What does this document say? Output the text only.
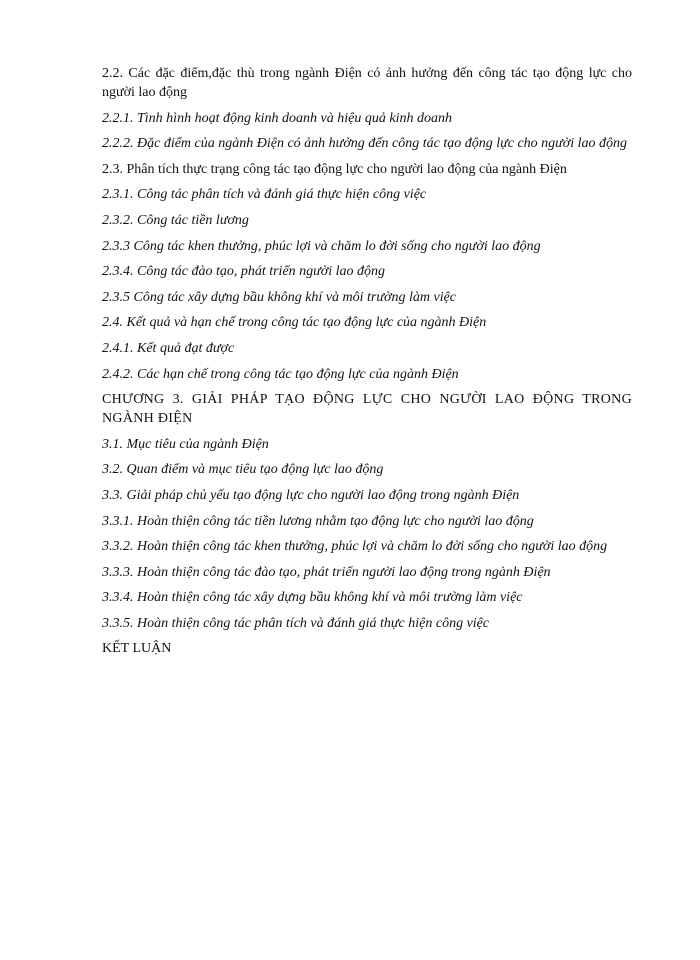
2.2. Các đặc điểm,đặc thù trong ngành Điện có ảnh hưởng đến công tác tạo động lực cho người lao động

2.2.1. Tình hình hoạt động kinh doanh và hiệu quả kinh doanh

2.2.2. Đặc điểm của ngành Điện có ảnh hưởng đến công tác tạo động lực cho người lao động

2.3. Phân tích thực trạng công tác tạo động lực cho người lao động của ngành Điện

2.3.1. Công tác phân tích và đánh giá thực hiện công việc

2.3.2. Công tác tiền lương

2.3.3 Công tác khen thưởng, phúc lợi và chăm lo đời sống cho người lao động

2.3.4. Công tác đào tạo, phát triển người lao động

2.3.5 Công tác xây dựng bầu không khí và môi trường làm việc

2.4. Kết quả và hạn chế trong công tác tạo động lực của ngành Điện

2.4.1. Kết quả đạt được

2.4.2. Các hạn chế trong công tác tạo động lực của ngành Điện

CHƯƠNG 3. GIẢI PHÁP TẠO ĐỘNG LỰC CHO NGƯỜI LAO ĐỘNG TRONG NGÀNH ĐIỆN

3.1. Mục tiêu của ngành Điện

3.2. Quan điểm và mục tiêu tạo động lực lao động

3.3. Giải pháp chủ yếu tạo động lực cho người lao động trong ngành Điện

3.3.1. Hoàn thiện công tác tiền lương nhằm tạo động lực cho người lao động

3.3.2. Hoàn thiện công tác khen thưởng, phúc lợi và chăm lo đời sống cho người lao động

3.3.3. Hoàn thiện công tác đào tạo, phát triển người lao động trong ngành Điện

3.3.4. Hoàn thiện công tác xây dựng bầu không khí và môi trường làm việc

3.3.5. Hoàn thiện công tác phân tích và đánh giá thực hiện công việc

KẾT LUẬN
